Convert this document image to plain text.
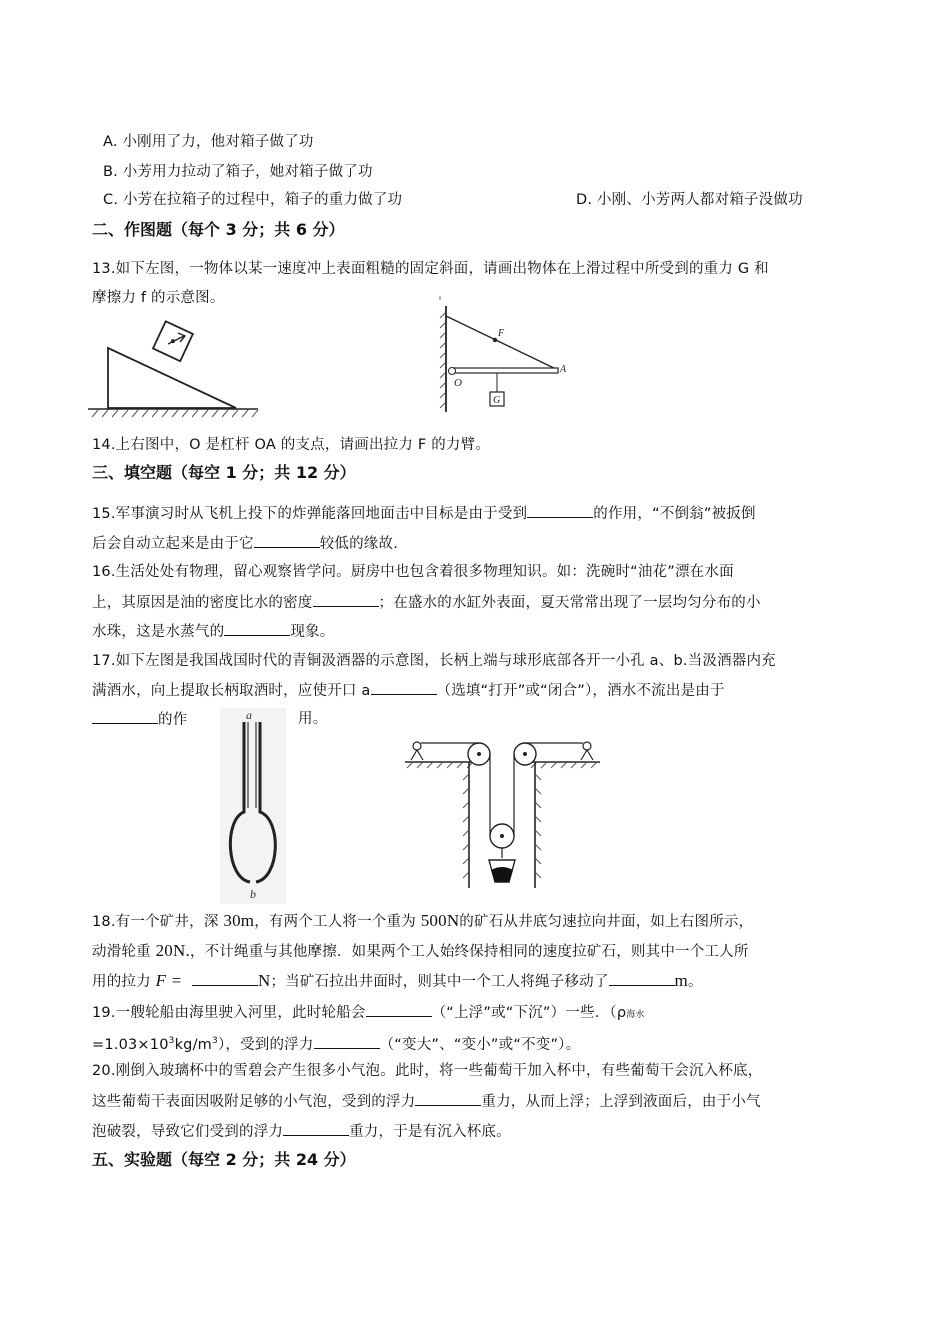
A. 小刚用了力，他对箱子做了功
B. 小芳用力拉动了箱子，她对箱子做了功
C. 小芳在拉箱子的过程中，箱子的重力做了功	D. 小刚、小芳两人都对箱子没做功
二、作图题（每个 3 分；共 6 分）
13.如下左图，一物体以某一速度冲上表面粗糙的固定斜面，请画出物体在上滑过程中所受到的重力 G 和
摩擦力 f 的示意图。
F
O
A
G
14.上右图中，O 是杠杆 OA 的支点，请画出拉力 F 的力臂。
三、填空题（每空 1 分；共 12 分）
15.军事演习时从飞机上投下的炸弹能落回地面击中目标是由于受到	的作用，“不倒翁”被扳倒
后会自动立起来是由于它	较低的缘故.
16.生活处处有物理，留心观察皆学问。厨房中也包含着很多物理知识。如：洗碗时“油花”漂在水面
上，其原因是油的密度比水的密度	；在盛水的水缸外表面，夏天常常出现了一层均匀分布的小
水珠，这是水蒸气的	现象。
17.如下左图是我国战国时代的青铜汲酒器的示意图，长柄上端与球形底部各开一小孔 a、b.当汲酒器内充
满酒水，向上提取长柄取酒时，应使开口 a	（选填“打开”或“闭合”），酒水不流出是由于
的作	用。
a
b
18.有一个矿井，深 30m，有两个工人将一个重为 500N的矿石从井底匀速拉向井面，如上右图所示，
动滑轮重 20N.，不计绳重与其他摩擦．如果两个工人始终保持相同的速度拉矿石，则其中一个工人所
用的拉力 F =	N；当矿石拉出井面时，则其中一个工人将绳子移动了	m。
19.一艘轮船由海里驶入河里，此时轮船会	（“上浮”或“下沉”）一些．（ρ海水
$=1.03\times 10^3kg/m^3$），受到的浮力	（“变大”、“变小”或“不变”）。
20.刚倒入玻璃杯中的雪碧会产生很多小气泡。此时，将一些葡萄干加入杯中，有些葡萄干会沉入杯底，
这些葡萄干表面因吸附足够的小气泡，受到的浮力	重力，从而上浮；上浮到液面后，由于小气
泡破裂，导致它们受到的浮力	重力，于是有沉入杯底。
五、实验题（每空 2 分；共 24 分）
